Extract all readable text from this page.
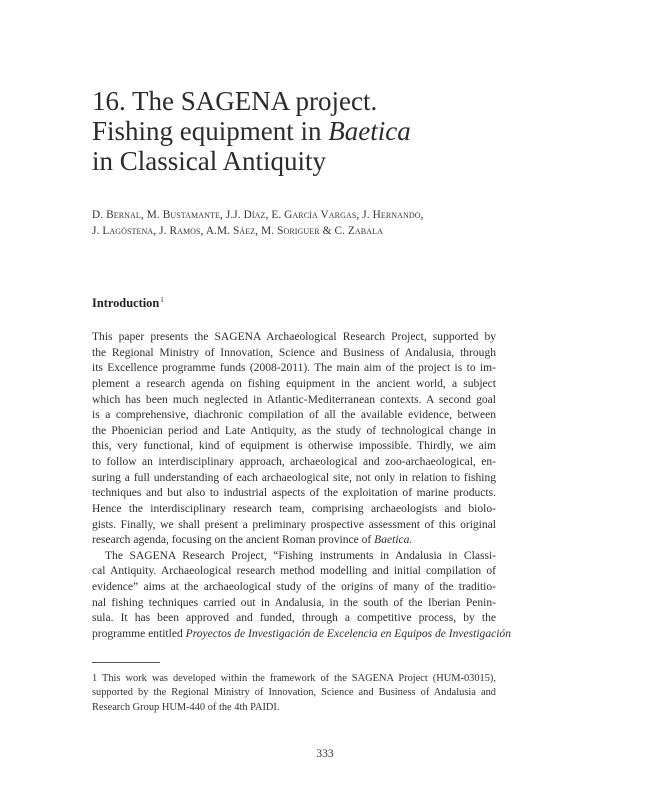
16. The SAGENA project.
Fishing equipment in Baetica
in Classical Antiquity
D. Bernal, M. Bustamante, J.J. Díaz, E. García Vargas, J. Hernando,
J. Lagóstena, J. Ramos, A.M. Sáez, M. Soriguer & C. Zabala
Introduction$^1$
This paper presents the SAGENA Archaeological Research Project, supported by
the Regional Ministry of Innovation, Science and Business of Andalusia, through
its Excellence programme funds (2008-2011). The main aim of the project is to im-
plement a research agenda on fishing equipment in the ancient world, a subject
which has been much neglected in Atlantic-Mediterranean contexts. A second goal
is a comprehensive, diachronic compilation of all the available evidence, between
the Phoenician period and Late Antiquity, as the study of technological change in
this, very functional, kind of equipment is otherwise impossible. Thirdly, we aim
to follow an interdisciplinary approach, archaeological and zoo-archaeological, en-
suring a full understanding of each archaeological site, not only in relation to fishing
techniques and but also to industrial aspects of the exploitation of marine products.
Hence the interdisciplinary research team, comprising archaeologists and biolo-
gists. Finally, we shall present a preliminary prospective assessment of this original
research agenda, focusing on the ancient Roman province of Baetica.
The SAGENA Research Project, “Fishing instruments in Andalusia in Classi-
cal Antiquity. Archaeological research method modelling and initial compilation of
evidence” aims at the archaeological study of the origins of many of the traditio-
nal fishing techniques carried out in Andalusia, in the south of the Iberian Penin-
sula. It has been approved and funded, through a competitive process, by the
programme entitled Proyectos de Investigación de Excelencia en Equipos de Investigación
1 This work was developed within the framework of the SAGENA Project (HUM-03015),
supported by the Regional Ministry of Innovation, Science and Business of Andalusia and
Research Group HUM-440 of the 4th PAIDI.
333
